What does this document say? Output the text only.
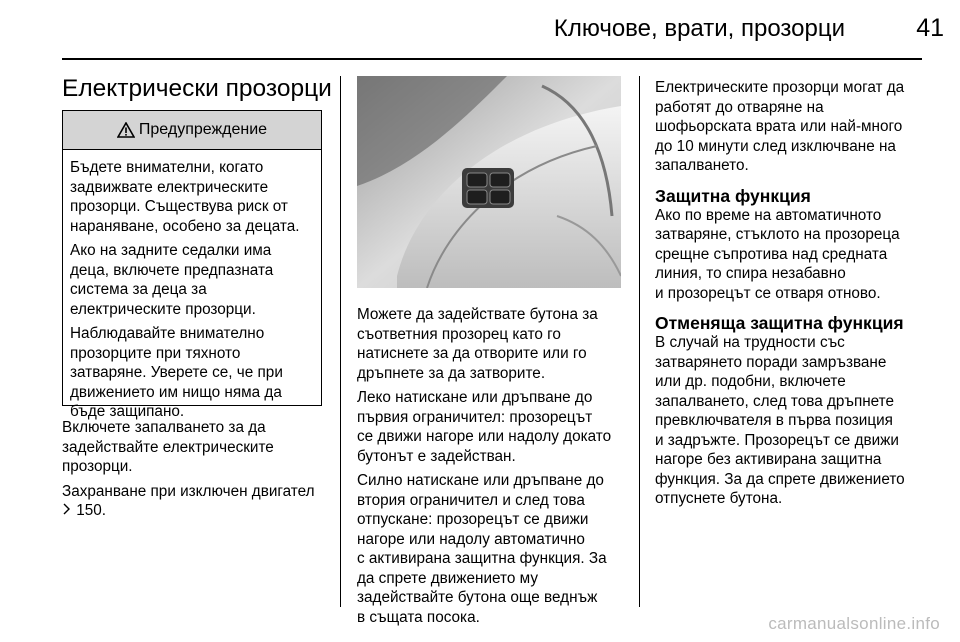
Ключове, врати, прозорци	41
Електрически прозорци
Предупреждение

Бъдете внимателни, когато
задвижвате електрическите
прозорци. Съществува риск от
нараняване, особено за децата.

Ако на задните седалки има
деца, включете предпазната
система за деца за
електрическите прозорци.

Наблюдавайте внимателно
прозорците при тяхното
затваряне. Уверете се, че при
движението им нищо няма да
бъде защипано.

Включете запалването за да
задействайте електрическите
прозорци.

Захранване при изключен двигател
150.

Можете да задействате бутона за
съответния прозорец като го
натиснете за да отворите или го
дръпнете за да затворите.

Леко натискане или дръпване до
първия ограничител: прозорецът
се движи нагоре или надолу докато
бутонът е задействан.

Силно натискане или дръпване до
втория ограничител и след това
отпускане: прозорецът се движи
нагоре или надолу автоматично
с активирана защитна функция. За
да спрете движението му
задействайте бутона още веднъж
в същата посока.

Електрическите прозорци могат да
работят до отваряне на
шофьорската врата или най-много
до 10 минути след изключване на
запалването.

Защитна функция

Ако по време на автоматичното
затваряне, стъклото на прозореца
срещне съпротива над средната
линия, то спира незабавно
и прозорецът се отваря отново.

Отменяща защитна функция

В случай на трудности със
затварянето поради замръзване
или др. подобни, включете
запалването, след това дръпнете
превключвателя в първа позиция
и задръжте. Прозорецът се движи
нагоре без активирана защитна
функция. За да спрете движението
отпуснете бутона.

carmanualsonline.info
